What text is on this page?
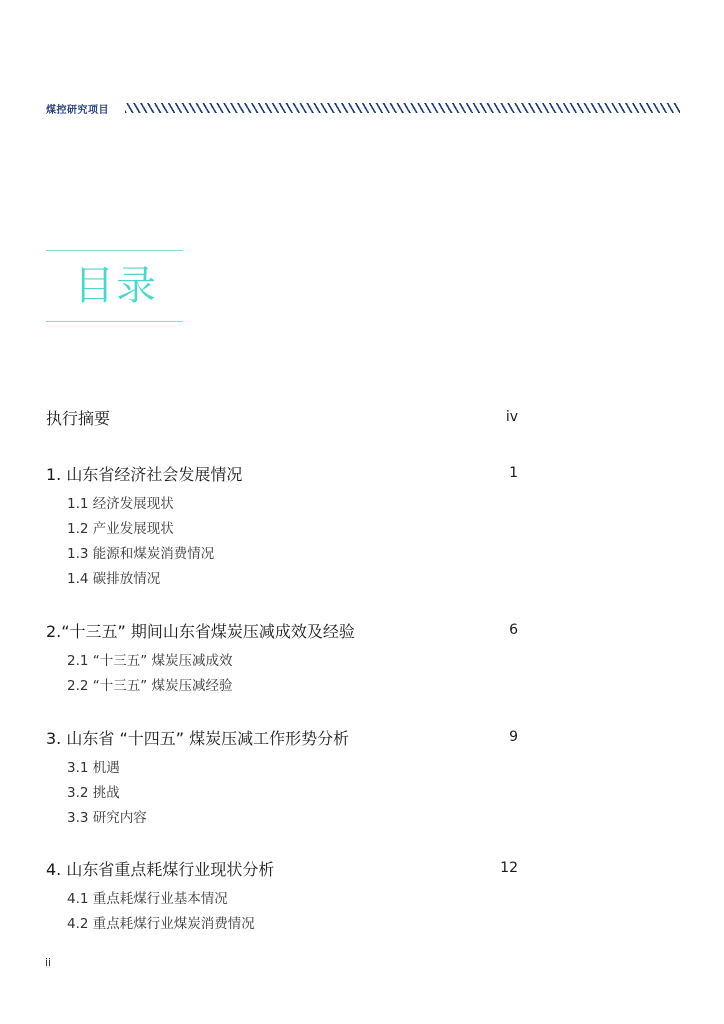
煤控研究项目
目录
执行摘要	iv
1. 山东省经济社会发展情况	1
1.1 经济发展现状
1.2 产业发展现状
1.3 能源和煤炭消费情况
1.4 碳排放情况
2.“十三五” 期间山东省煤炭压减成效及经验	6
2.1 “十三五” 煤炭压减成效
2.2 “十三五” 煤炭压减经验
3. 山东省 “十四五” 煤炭压减工作形势分析	9
3.1 机遇
3.2 挑战
3.3 研究内容
4. 山东省重点耗煤行业现状分析	12
4.1 重点耗煤行业基本情况
4.2 重点耗煤行业煤炭消费情况
ii
